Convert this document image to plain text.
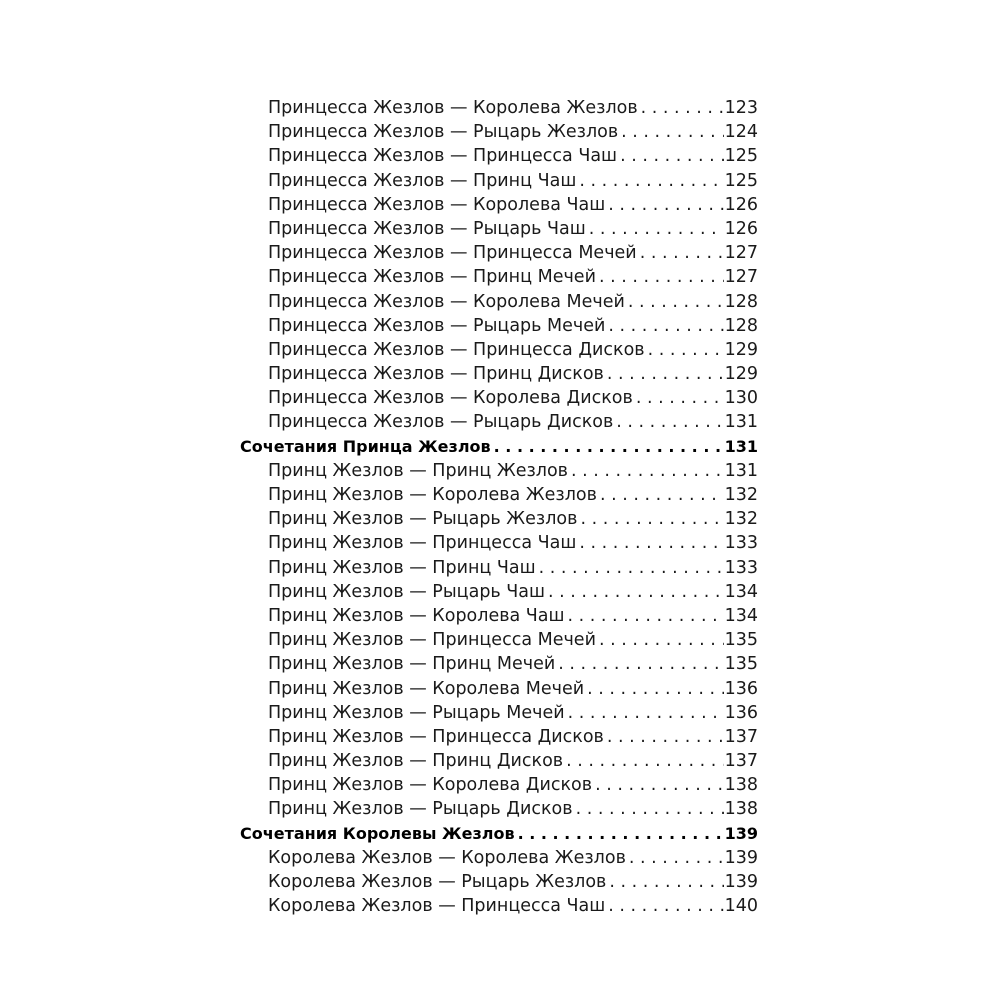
Принцесса Жезлов — Королева Жезлов . . .	123
Принцесса Жезлов — Рыцарь Жезлов . . .	124
Принцесса Жезлов — Принцесса Чаш . . .	125
Принцесса Жезлов — Принц Чаш . . .	125
Принцесса Жезлов — Королева Чаш . . .	126
Принцесса Жезлов — Рыцарь Чаш . . .	126
Принцесса Жезлов — Принцесса Мечей . . .	127
Принцесса Жезлов — Принц Мечей . . .	127
Принцесса Жезлов — Королева Мечей . . .	128
Принцесса Жезлов — Рыцарь Мечей . . .	128
Принцесса Жезлов — Принцесса Дисков . . .	129
Принцесса Жезлов — Принц Дисков . . .	129
Принцесса Жезлов — Королева Дисков . . .	130
Принцесса Жезлов — Рыцарь Дисков . . .	131
Сочетания Принца Жезлов . . .	131
Принц Жезлов — Принц Жезлов . . .	131
Принц Жезлов — Королева Жезлов . . .	132
Принц Жезлов — Рыцарь Жезлов . . .	132
Принц Жезлов — Принцесса Чаш . . .	133
Принц Жезлов — Принц Чаш . . .	133
Принц Жезлов — Рыцарь Чаш . . .	134
Принц Жезлов — Королева Чаш . . .	134
Принц Жезлов — Принцесса Мечей . . .	135
Принц Жезлов — Принц Мечей . . .	135
Принц Жезлов — Королева Мечей . . .	136
Принц Жезлов — Рыцарь Мечей . . .	136
Принц Жезлов — Принцесса Дисков . . .	137
Принц Жезлов — Принц Дисков . . .	137
Принц Жезлов — Королева Дисков . . .	138
Принц Жезлов — Рыцарь Дисков . . .	138
Сочетания Королевы Жезлов . . .	139
Королева Жезлов — Королева Жезлов . . .	139
Королева Жезлов — Рыцарь Жезлов . . .	139
Королева Жезлов — Принцесса Чаш . . .	140
